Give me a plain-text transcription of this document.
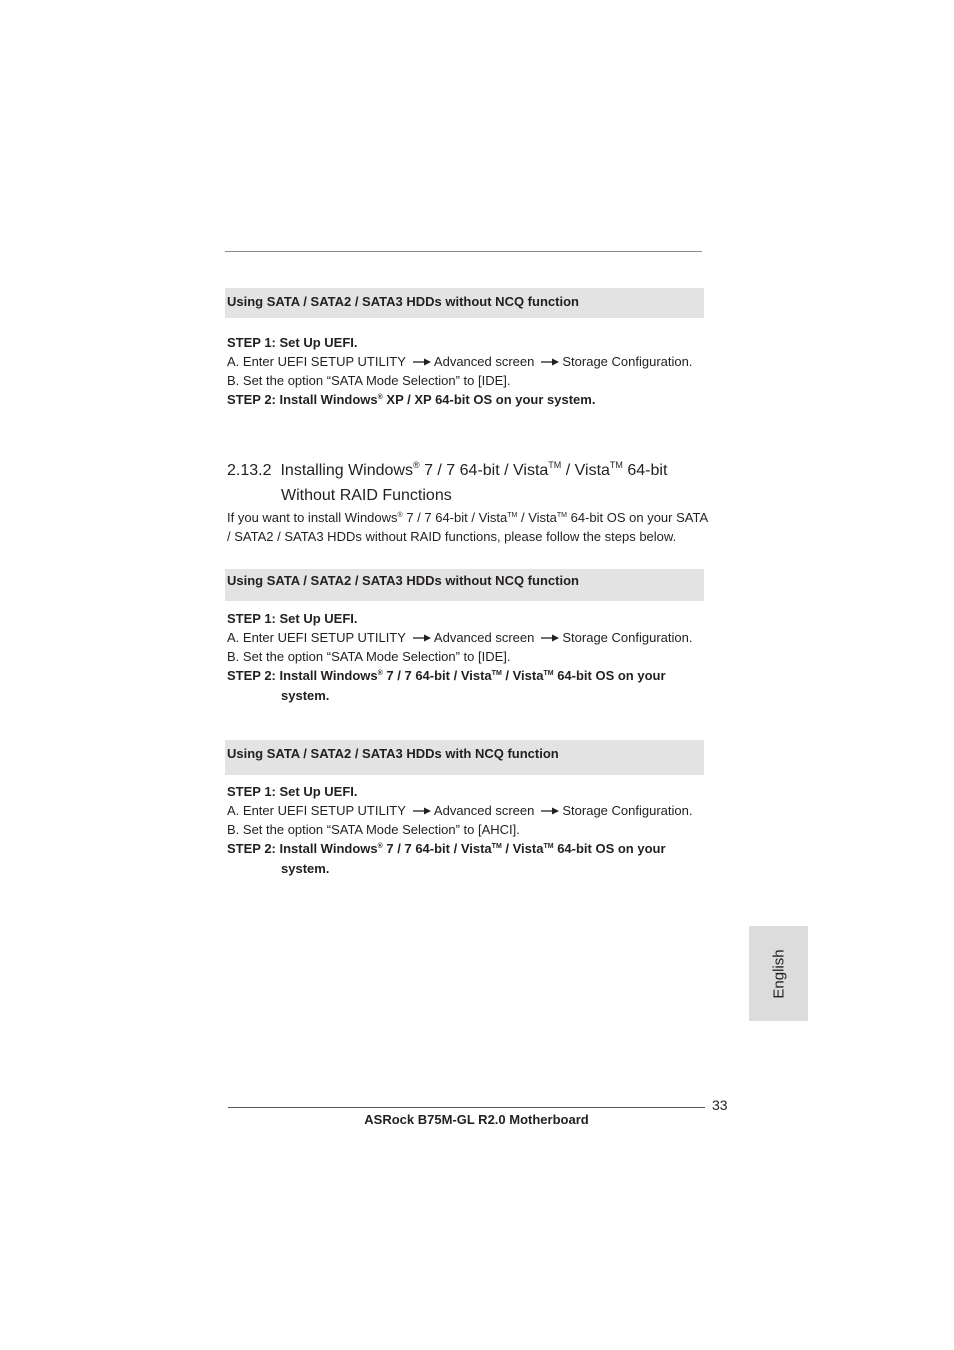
Using SATA / SATA2 / SATA3 HDDs without NCQ function
STEP 1: Set Up UEFI.
A. Enter UEFI SETUP UTILITY Advanced screen Storage Configuration.
B. Set the option “SATA Mode Selection” to [IDE].
STEP 2: Install Windows® XP / XP 64-bit OS on your system.
2.13.2 Installing Windows® 7 / 7 64-bit / Vista™ / Vista™ 64-bit
Without RAID Functions
If you want to install Windows® 7 / 7 64-bit / Vista™ / Vista™ 64-bit OS on your SATA
/ SATA2 / SATA3 HDDs without RAID functions, please follow the steps below.
Using SATA / SATA2 / SATA3 HDDs without NCQ function
STEP 1: Set Up UEFI.
A. Enter UEFI SETUP UTILITY Advanced screen Storage Configuration.
B. Set the option “SATA Mode Selection” to [IDE].
STEP 2: Install Windows® 7 / 7 64-bit / Vista™ / Vista™ 64-bit OS on your
system.
Using SATA / SATA2 / SATA3 HDDs with NCQ function
STEP 1: Set Up UEFI.
A. Enter UEFI SETUP UTILITY Advanced screen Storage Configuration.
B. Set the option “SATA Mode Selection” to [AHCI].
STEP 2: Install Windows® 7 / 7 64-bit / Vista™ / Vista™ 64-bit OS on your
system.
English
33
ASRock B75M-GL R2.0 Motherboard
